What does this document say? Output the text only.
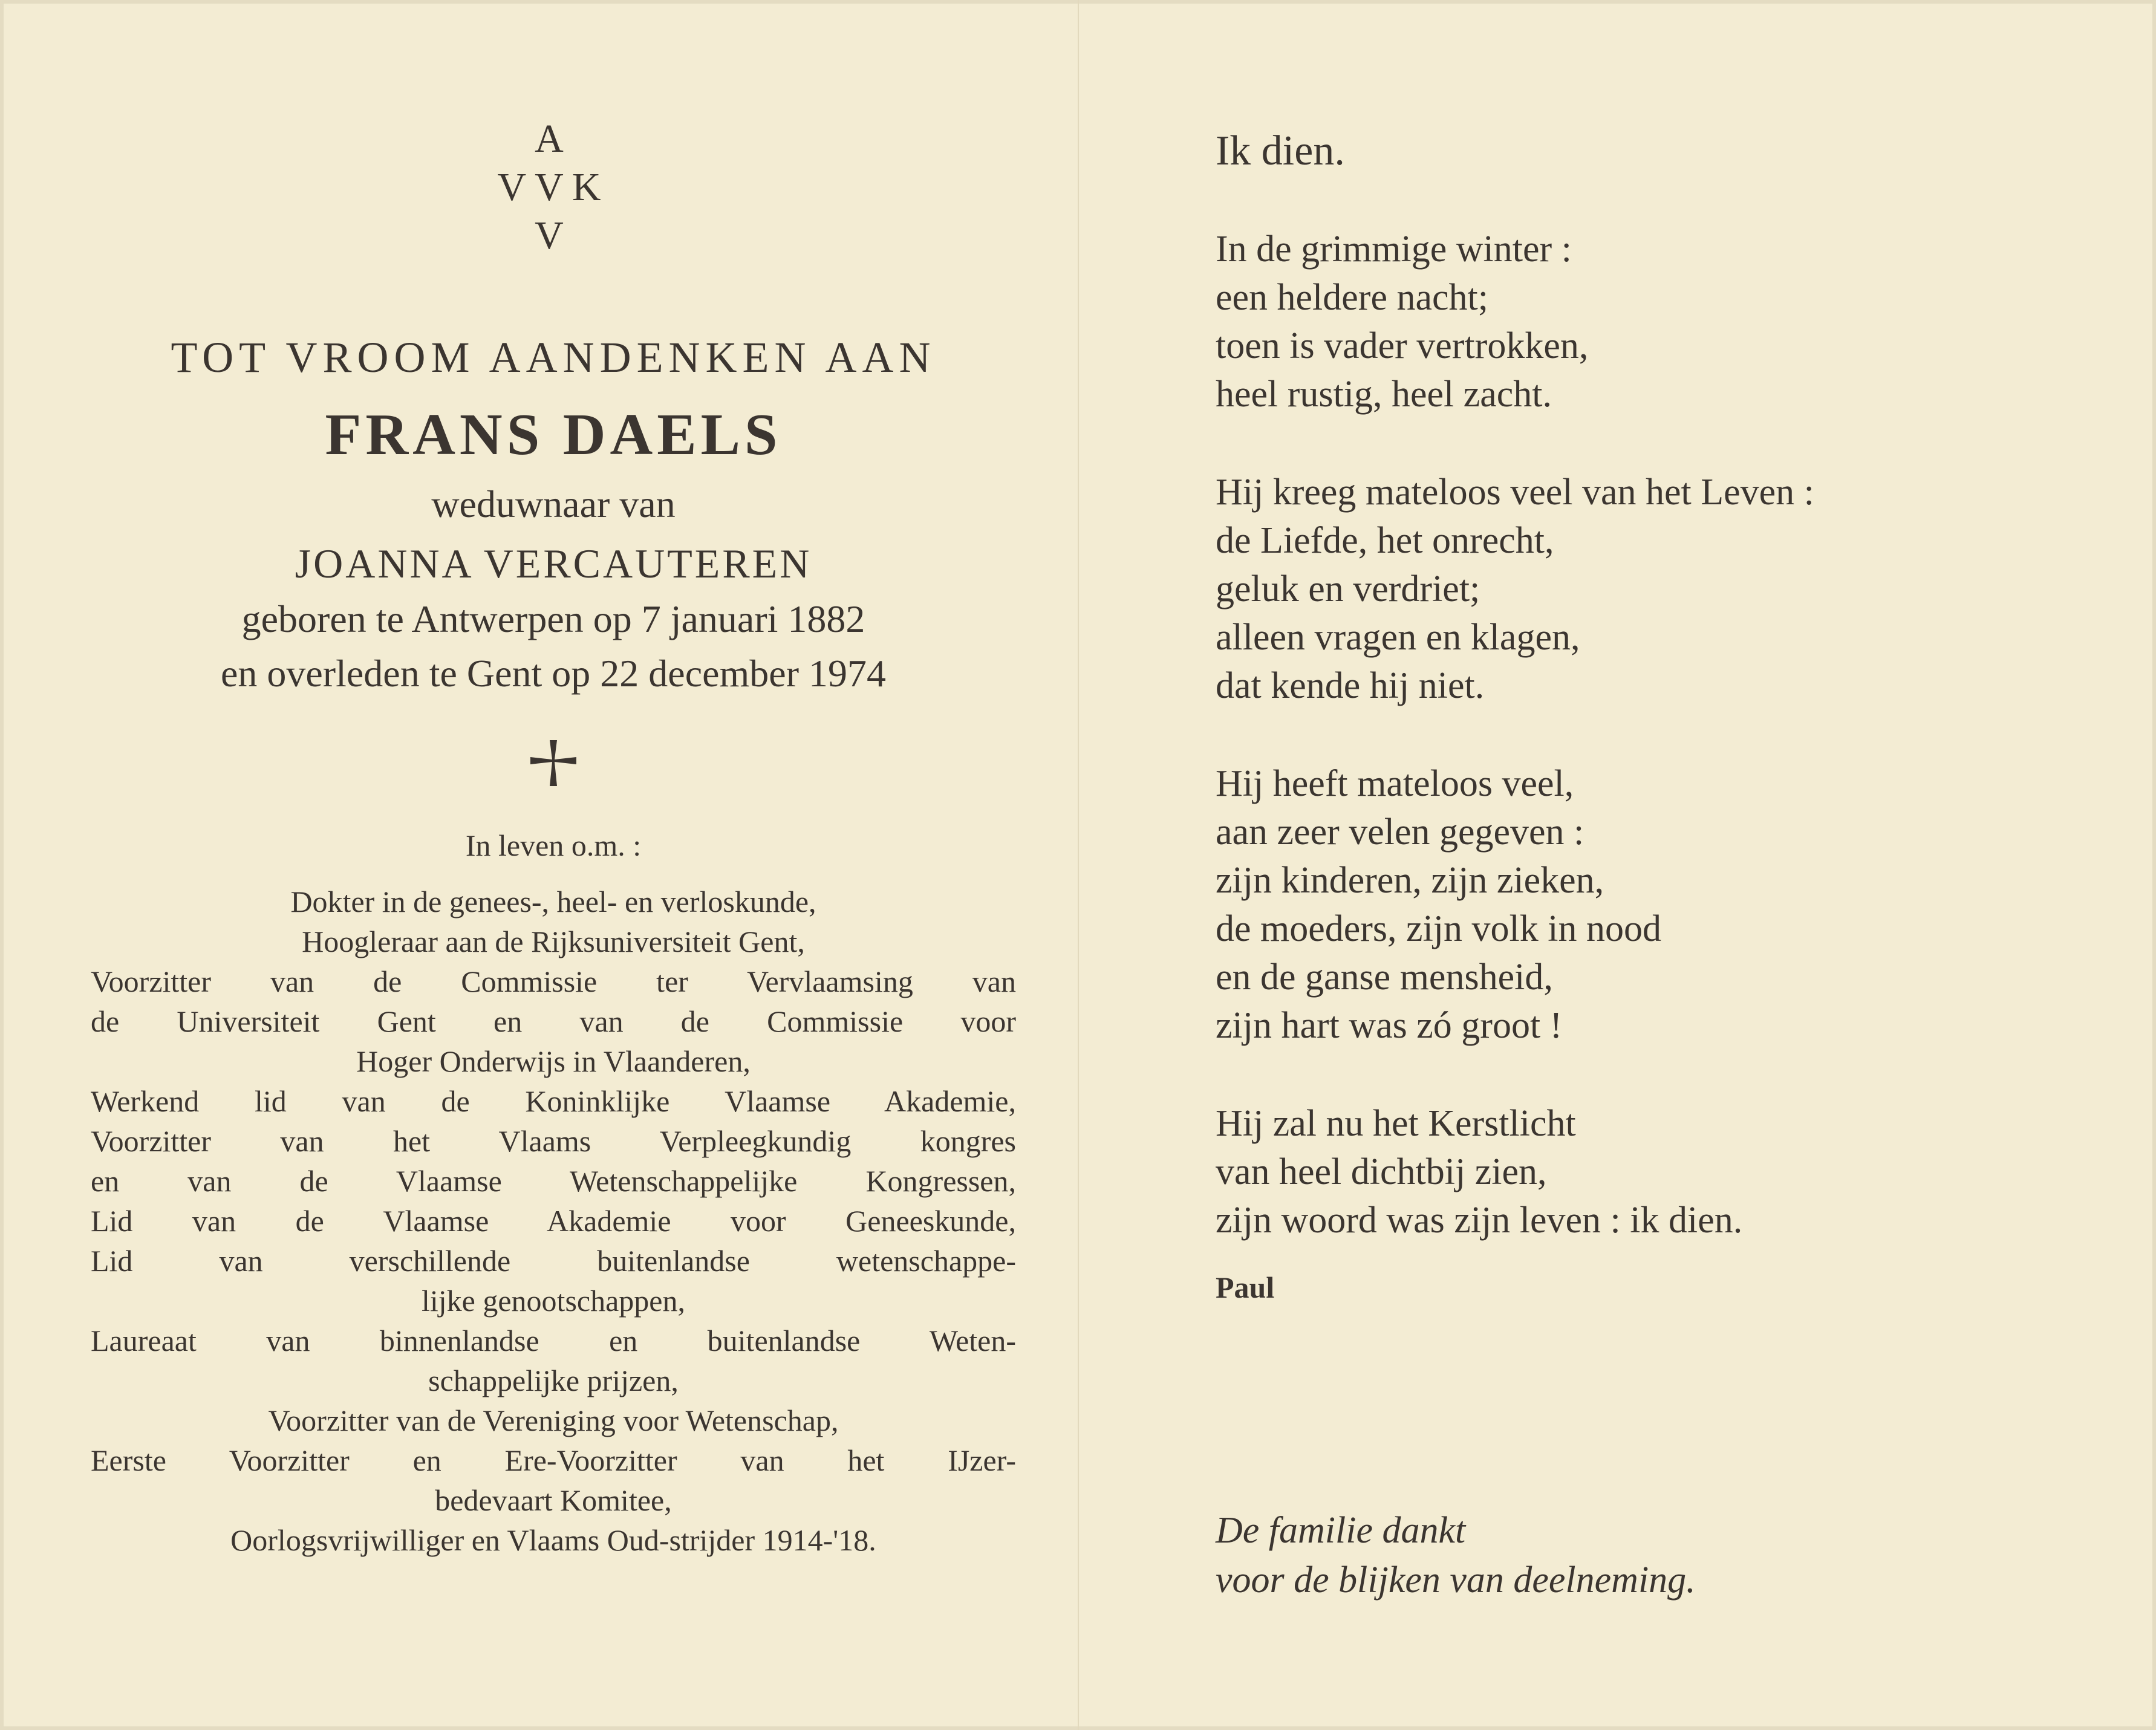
A
VVK
V
TOT VROOM AANDENKEN AAN
FRANS DAELS
weduwnaar van
JOANNA VERCAUTEREN
geboren te Antwerpen op 7 januari 1882
en overleden te Gent op 22 december 1974
In leven o.m. :
Dokter in de genees-, heel- en verloskunde,
Hoogleraar aan de Rijksuniversiteit Gent,
Voorzitter van de Commissie ter Vervlaamsing van
de Universiteit Gent en van de Commissie voor
Hoger Onderwijs in Vlaanderen,
Werkend lid van de Koninklijke Vlaamse Akademie,
Voorzitter van het Vlaams Verpleegkundig kongres
en van de Vlaamse Wetenschappelijke Kongressen,
Lid van de Vlaamse Akademie voor Geneeskunde,
Lid van verschillende buitenlandse wetenschappe-
lijke genootschappen,
Laureaat van binnenlandse en buitenlandse Weten-
schappelijke prijzen,
Voorzitter van de Vereniging voor Wetenschap,
Eerste Voorzitter en Ere-Voorzitter van het IJzer-
bedevaart Komitee,
Oorlogsvrijwilliger en Vlaams Oud-strijder 1914-'18.
Ik dien.
In de grimmige winter :
een heldere nacht;
toen is vader vertrokken,
heel rustig, heel zacht.
Hij kreeg mateloos veel van het Leven :
de Liefde, het onrecht,
geluk en verdriet;
alleen vragen en klagen,
dat kende hij niet.
Hij heeft mateloos veel,
aan zeer velen gegeven :
zijn kinderen, zijn zieken,
de moeders, zijn volk in nood
en de ganse mensheid,
zijn hart was zó groot !
Hij zal nu het Kerstlicht
van heel dichtbij zien,
zijn woord was zijn leven : ik dien.
Paul
De familie dankt
voor de blijken van deelneming.
